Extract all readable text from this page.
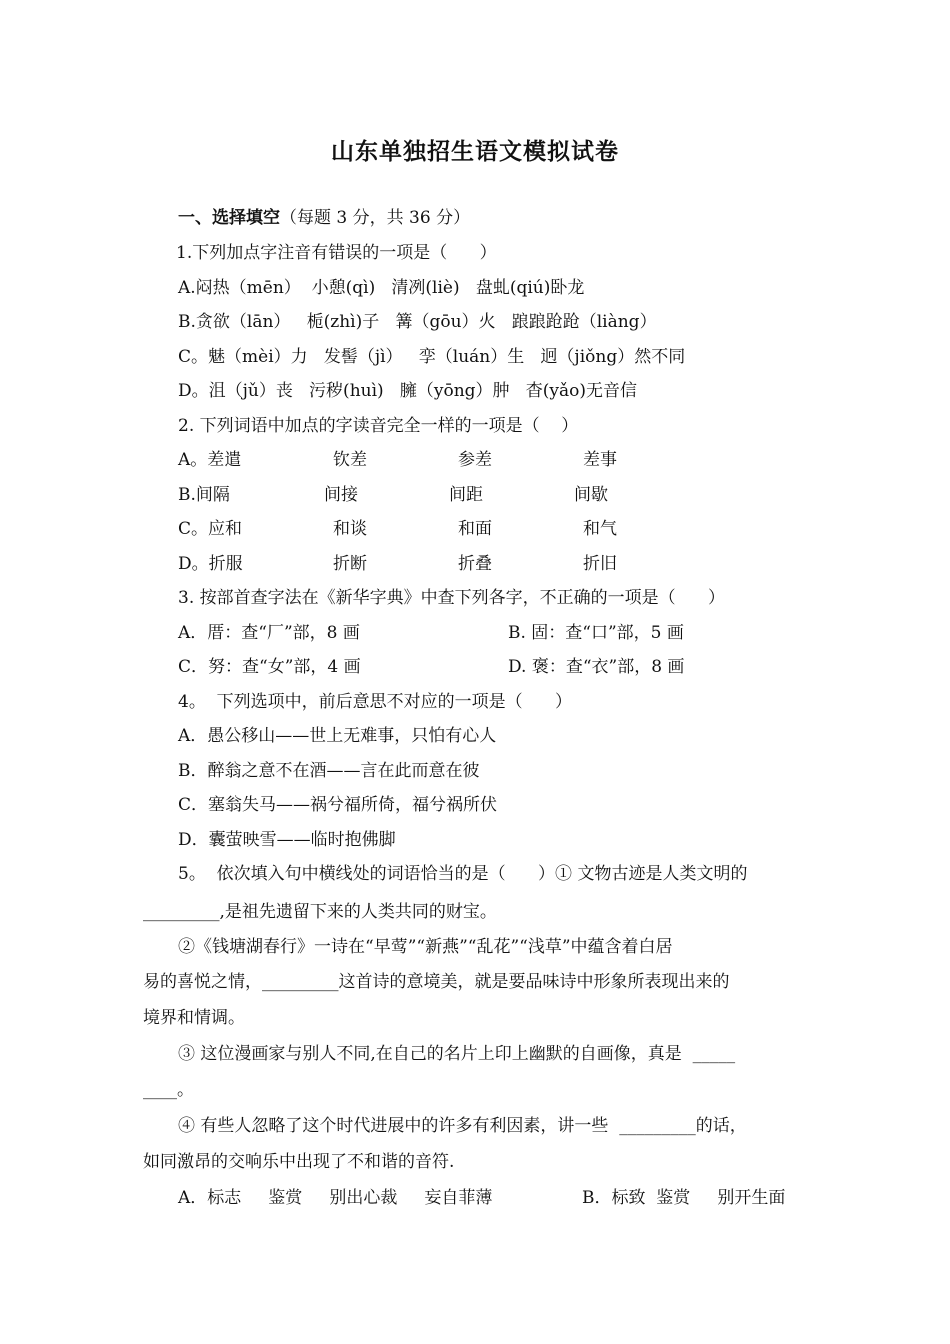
山东单独招生语文模拟试卷
一、选择填空（每题 3 分，共 36 分）
1.下列加点字注音有错误的一项是（      ）
A.闷热（mēn）  小憩(qì)   清冽(liè)   盘虬(qiú)卧龙
B.贪欲（lān）   栀(zhì)子   篝（gōu）火   踉踉跄跄（liàng）
C。魅（mèi）力   发髻（jì）   孪（luán）生   迥（jiǒng）然不同
D。沮（jǔ）丧   污秽(huì)   臃（yōng）肿   杳(yǎo)无音信
2. 下列词语中加点的字读音完全一样的一项是（    ）
A。差遣	钦差	参差	差事
B.间隔	间接	间距	间歇
C。应和	和谈	和面	和气
D。折服	折断	折叠	折旧
3. 按部首查字法在《新华字典》中查下列各字，不正确的一项是（      ）
A．厝：查“厂”部，8 画	B. 固：查“口”部，5 画
C．努：查“女”部，4 画	D. 褒：查“衣”部，8 画
4。  下列选项中，前后意思不对应的一项是（      ）
A．愚公移山——世上无难事，只怕有心人
B．醉翁之意不在酒——言在此而意在彼
C．塞翁失马——祸兮福所倚，福兮祸所伏
D．囊萤映雪——临时抱佛脚
5。  依次填入句中横线处的词语恰当的是（      ）① 文物古迹是人类文明的
_________,是祖先遗留下来的人类共同的财宝。
②《钱塘湖春行》一诗在“早莺”“新燕”“乱花”“浅草”中蕴含着白居
易的喜悦之情，_________这首诗的意境美，就是要品味诗中形象所表现出来的
境界和情调。
③ 这位漫画家与别人不同,在自己的名片上印上幽默的自画像，真是  _____
____。
④ 有些人忽略了这个时代进展中的许多有利因素，讲一些  _________的话，
如同激昂的交响乐中出现了不和谐的音符.
A．标志     鉴赏     别出心裁     妄自菲薄	B．标致  鉴赏     别开生面
